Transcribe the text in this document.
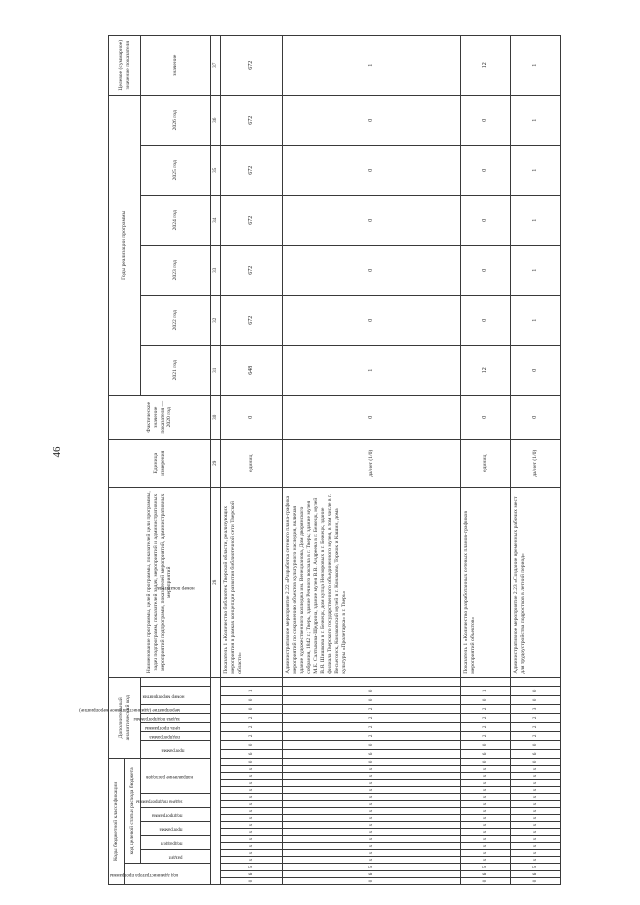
46
Коды бюджетной классификации																		Дополнительный аналитический код									Наименование программы, целей программы, показателей цели программы, задач подпрограмм, показателей задач, мероприятий и административных мероприятий подпрограмм, показателей мероприятий, административных мероприятий	Единица измерения	Фактическое значение показателя — 2020 год	Годы реализации программы						Целевое (суммарное) значение показателя

код администратора программы			код целевой статьи расхода бюджета																																	

			раздел		подраздел		программа		подпрограмма		задача подпрограммы		направление расходов					программа		подпрограмма	цель программы	задача подпрограммы	мероприятие (административное мероприятие)	номер мероприятия		номер показателя				2021 год	2022 год	2023 год	2024 год	2025 год	2026 год	значение
																											28	29	30	31	32	33	34	35	36	37
0	6	5	x	x	x	x	x	x	x	x	x	x	x	x	x	x	0	6	0	2	2	2	0	0	1		Показатель 1 «Количество библиотек Тверской области, реализующих мероприятия в рамках концепции развития библиотечной сети Тверской области»	единиц	0	648	672	672	672	672	672	672
0	6	5	x	x	x	x	x	x	x	x	x	x	x	x	x	x	0	6	0	2	2	2	2	0	0		Административное мероприятие 2.22 «Разработка сетевого плана-графика мероприятий по сохранению объектов культурного наследия, включая здание художественного колледжа им. Венецианова, Дом дворянского собрания, 1842 г.; Тверь, здание Речного вокзала в г. Тверь; здание музея М.Е. Салтыкова-Щедрина, здание музея В.В. Андреева в г. Бежецк, музей В.Я. Шишкова в г. Бежецк, дом купца Невзоровых в г. Бежецк, здание филиала Тверского государственного объединенного музея, в том числе в г. Весьегонск, Конаковский музей в г. Конаково, Торжок и Кашин, дома культуры «Пролетарка» в г. Тверь»	да/нет (1/0)	0	1	0	0	0	0	0	1
0	6	5	x	x	x	x	x	x	x	x	x	x	x	x	x	x	0	6	0	2	2	2	2	0	1		Показатель 1 «Количество разработанных сетевых планов-графиков мероприятий объектов»	единиц	0	12	0	0	0	0	0	12
0	6	5	x	x	x	x	x	x	x	x	x	x	x	x	x	x	0	6	0	2	2	2	3	0	0		Административное мероприятие 2.23 «Создание временных рабочих мест для трудоустройства подростков в летний период»	да/нет (1/0)	0	0	1	1	1	1	1	1
